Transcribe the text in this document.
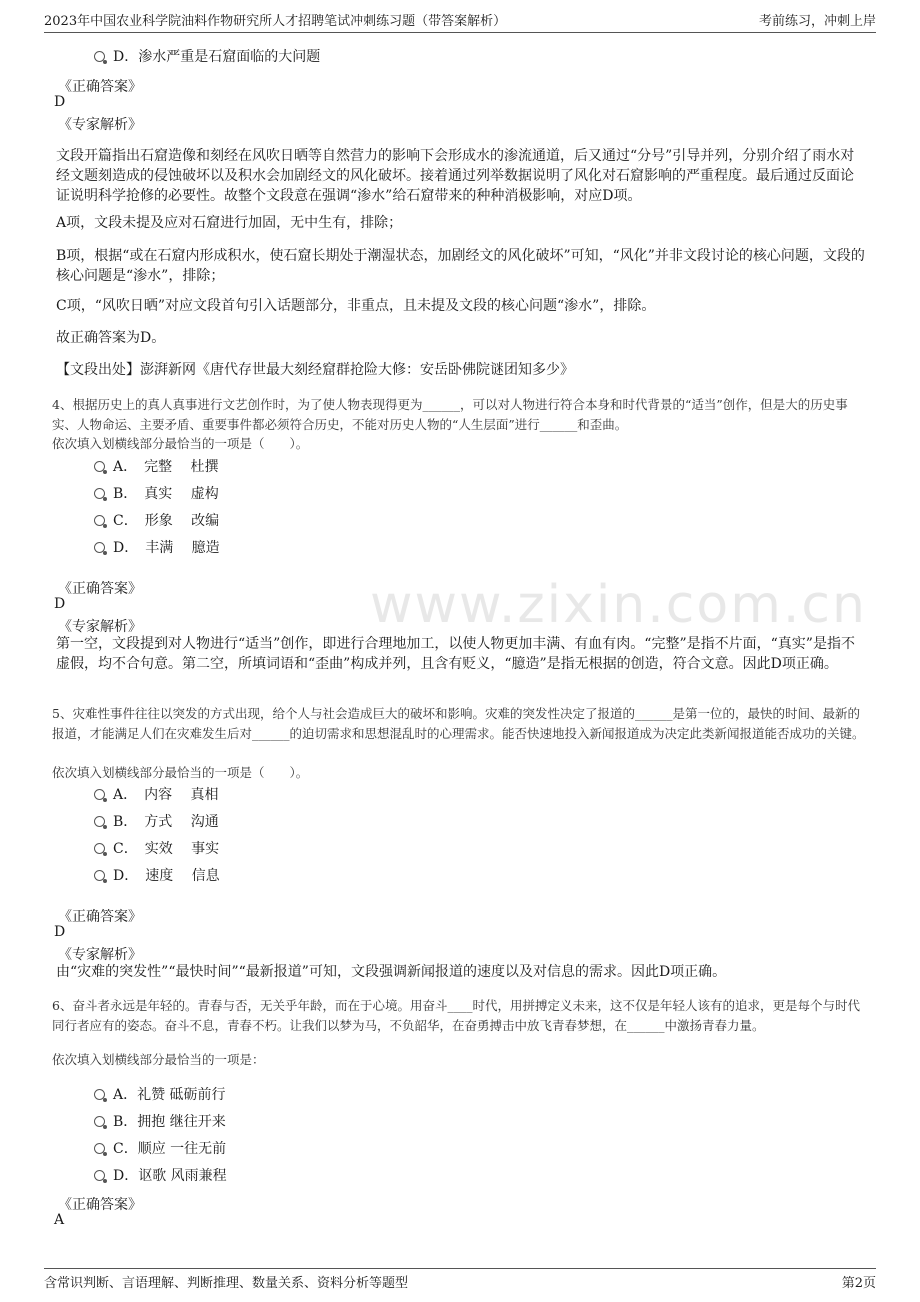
2023年中国农业科学院油料作物研究所人才招聘笔试冲刺练习题（带答案解析）	考前练习，冲刺上岸
www.zixin.com.cn
D．渗水严重是石窟面临的大问题
《正确答案》
D
《专家解析》
文段开篇指出石窟造像和刻经在风吹日晒等自然营力的影响下会形成水的渗流通道，后又通过“分号”引导并列，分别介绍了雨水对经文题刻造成的侵蚀破坏以及积水会加剧经文的风化破坏。接着通过列举数据说明了风化对石窟影响的严重程度。最后通过反面论证说明科学抢修的必要性。故整个文段意在强调“渗水”给石窟带来的种种消极影响，对应D项。
A项，文段未提及应对石窟进行加固，无中生有，排除；
B项，根据“或在石窟内形成积水，使石窟长期处于潮湿状态，加剧经文的风化破坏”可知，“风化”并非文段讨论的核心问题，文段的核心问题是“渗水”，排除；
C项，“风吹日晒”对应文段首句引入话题部分，非重点，且未提及文段的核心问题“渗水”，排除。
故正确答案为D。
【文段出处】澎湃新网《唐代存世最大刻经窟群抢险大修：安岳卧佛院谜团知多少》
4、根据历史上的真人真事进行文艺创作时，为了使人物表现得更为______，可以对人物进行符合本身和时代背景的“适当”创作，但是大的历史事实、人物命运、主要矛盾、重要事件都必须符合历史，不能对历史人物的“人生层面”进行______和歪曲。
依次填入划横线部分最恰当的一项是（　　）。
A．　完整　 杜撰
B．　真实　 虚构
C．　形象　 改编
D．　丰满　 臆造
《正确答案》
D
《专家解析》
第一空，文段提到对人物进行“适当”创作，即进行合理地加工，以使人物更加丰满、有血有肉。“完整”是指不片面，“真实”是指不虚假，均不合句意。第二空，所填词语和“歪曲”构成并列，且含有贬义，“臆造”是指无根据的创造，符合文意。因此D项正确。
5、灾难性事件往往以突发的方式出现，给个人与社会造成巨大的破坏和影响。灾难的突发性决定了报道的______是第一位的，最快的时间、最新的报道，才能满足人们在灾难发生后对______的迫切需求和思想混乱时的心理需求。能否快速地投入新闻报道成为决定此类新闻报道能否成功的关键。
依次填入划横线部分最恰当的一项是（　　）。
A．　内容　 真相
B．　方式　 沟通
C．　实效　 事实
D．　速度　 信息
《正确答案》
D
《专家解析》
由“灾难的突发性”“最快时间”“最新报道”可知，文段强调新闻报道的速度以及对信息的需求。因此D项正确。
6、奋斗者永远是年轻的。青春与否，无关乎年龄，而在于心境。用奋斗____时代，用拼搏定义未来，这不仅是年轻人该有的追求，更是每个与时代同行者应有的姿态。奋斗不息，青春不朽。让我们以梦为马，不负韶华，在奋勇搏击中放飞青春梦想，在______中激扬青春力量。
依次填入划横线部分最恰当的一项是：
A．礼赞 砥砺前行
B．拥抱 继往开来
C．顺应 一往无前
D．讴歌 风雨兼程
《正确答案》
A
含常识判断、言语理解、判断推理、数量关系、资料分析等题型	第2页
